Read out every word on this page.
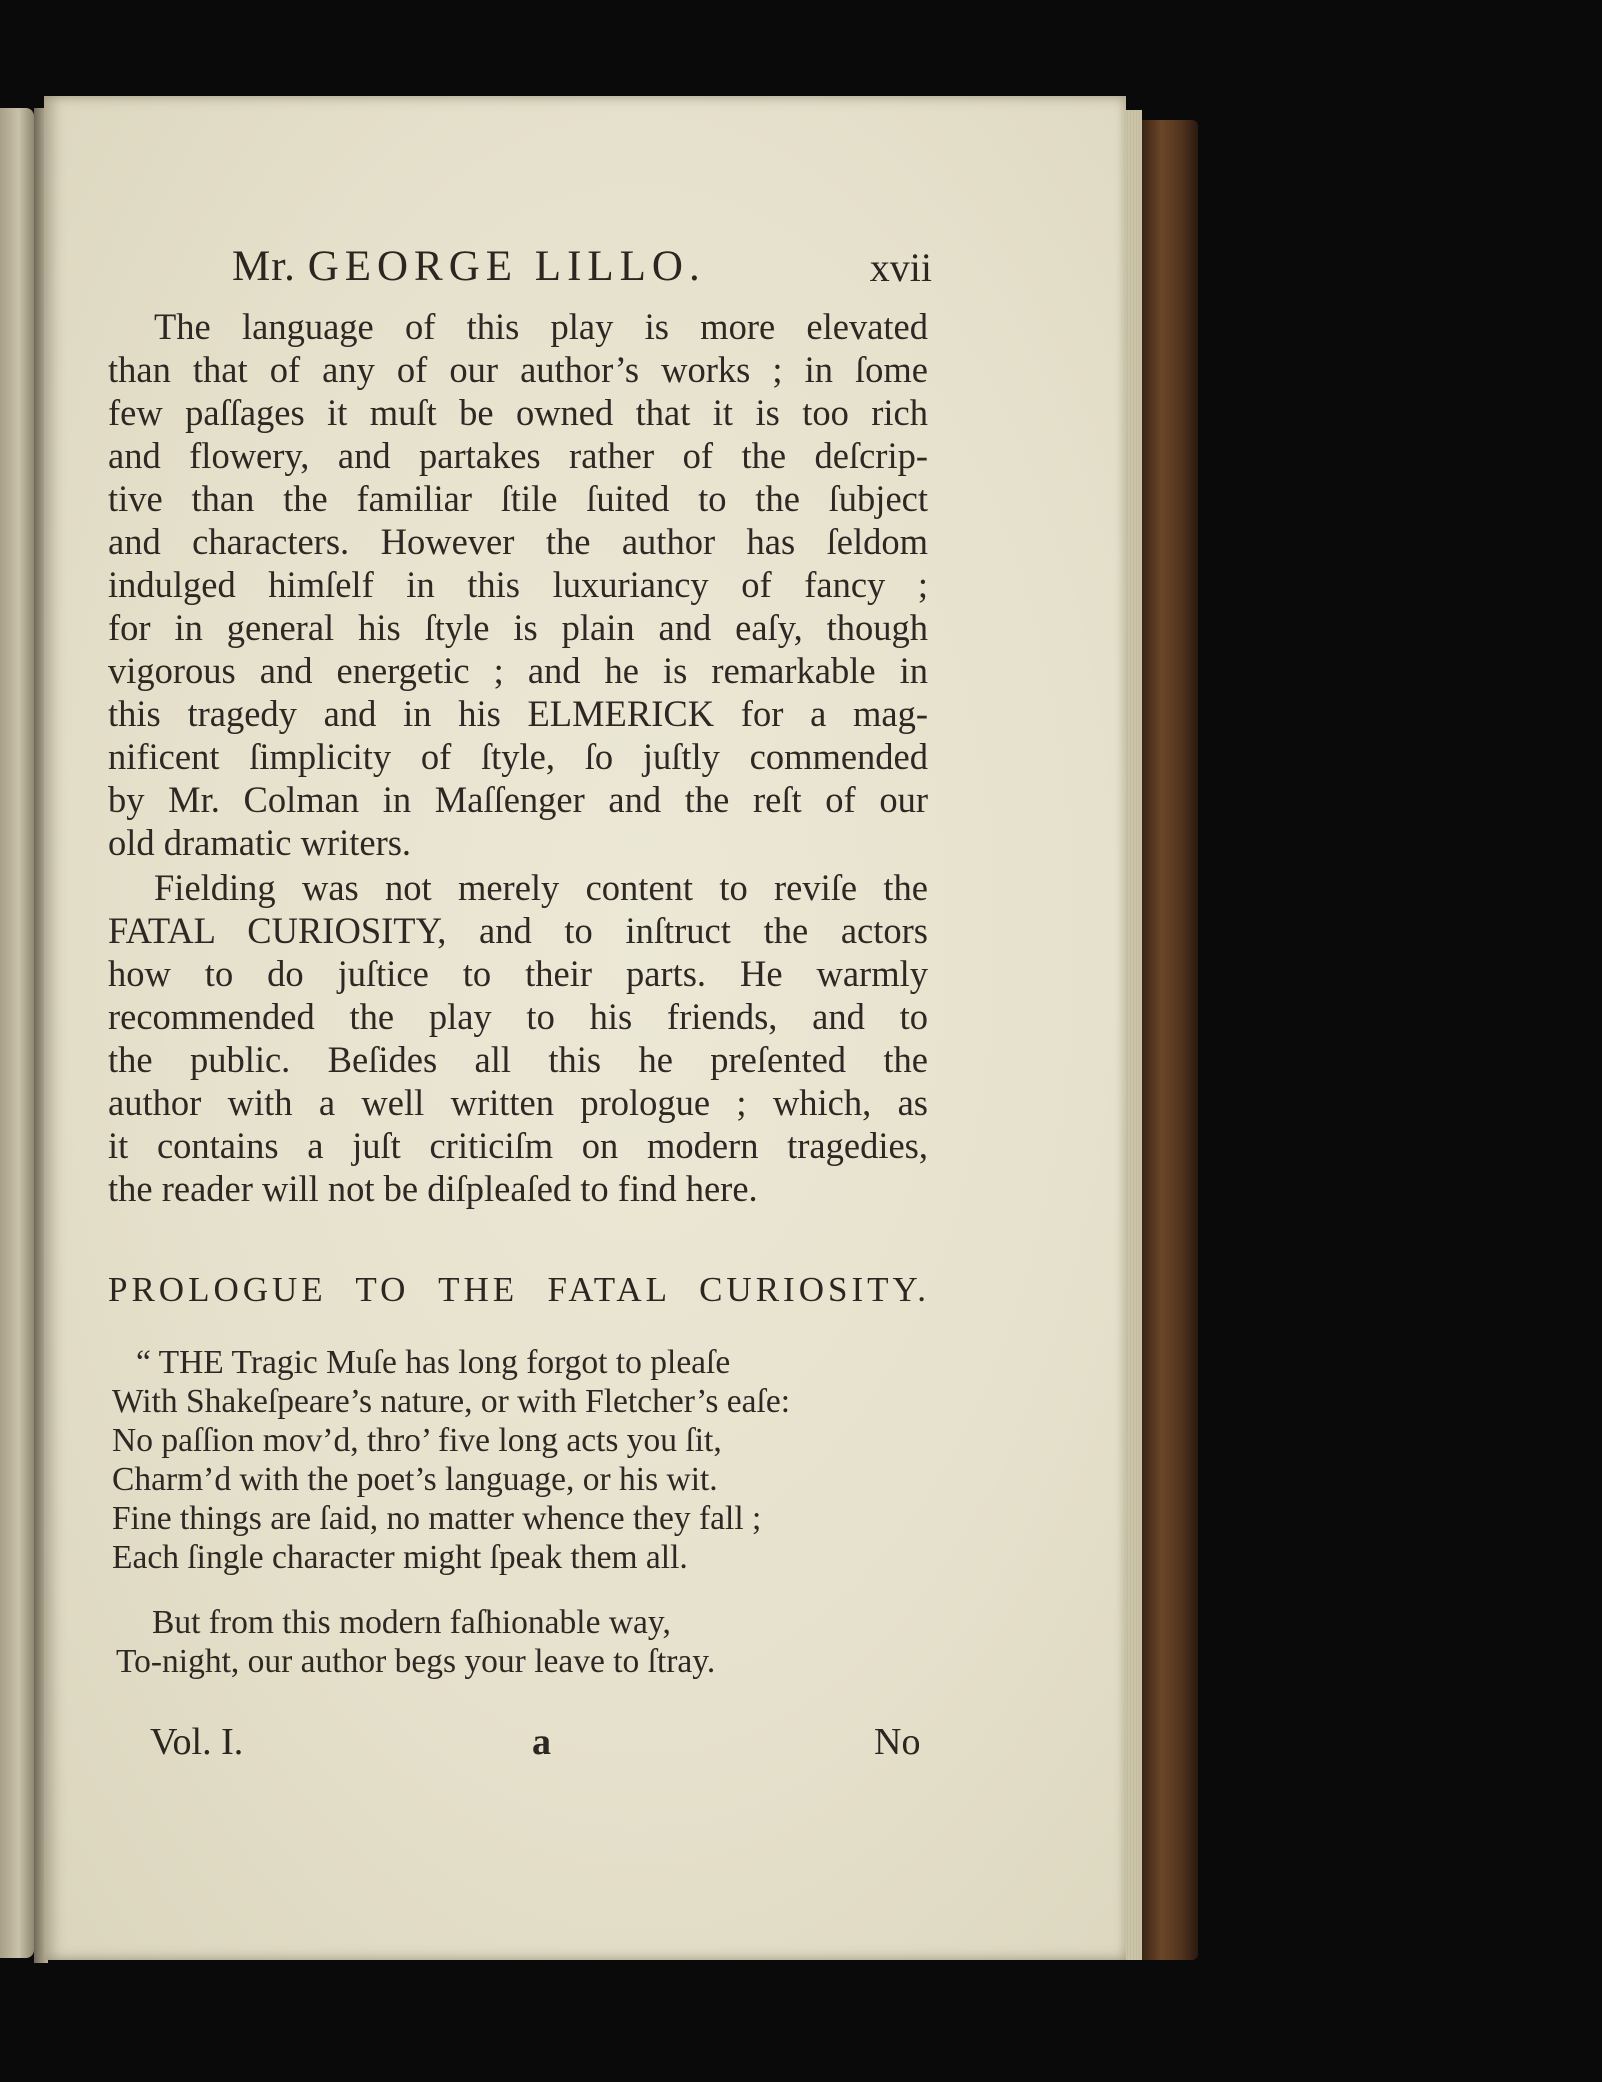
Mr. GEORGE LILLO.	xvii
The language of this play is more elevated
than that of any of our author’s works ; in ſome
few paſſages it muſt be owned that it is too rich
and flowery, and partakes rather of the deſcrip-
tive than the familiar ſtile ſuited to the ſubject
and characters. However the author has ſeldom
indulged himſelf in this luxuriancy of fancy ;
for in general his ſtyle is plain and eaſy, though
vigorous and energetic ; and he is remarkable in
this tragedy and in his ELMERICK for a mag-
nificent ſimplicity of ſtyle, ſo juſtly commended
by Mr. Colman in Maſſenger and the reſt of our
old dramatic writers.
Fielding was not merely content to reviſe the
FATAL CURIOSITY, and to inſtruct the actors
how to do juſtice to their parts. He warmly
recommended the play to his friends, and to
the public. Beſides all this he preſented the
author with a well written prologue ; which, as
it contains a juſt criticiſm on modern tragedies,
the reader will not be diſpleaſed to find here.
PROLOGUE TO THE FATAL CURIOSITY.
“ THE Tragic Muſe has long forgot to pleaſe
With Shakeſpeare’s nature, or with Fletcher’s eaſe:
No paſſion mov’d, thro’ five long acts you ſit,
Charm’d with the poet’s language, or his wit.
Fine things are ſaid, no matter whence they fall ;
Each ſingle character might ſpeak them all.
But from this modern faſhionable way,
To-night, our author begs your leave to ſtray.
Vol. I.	a	No
